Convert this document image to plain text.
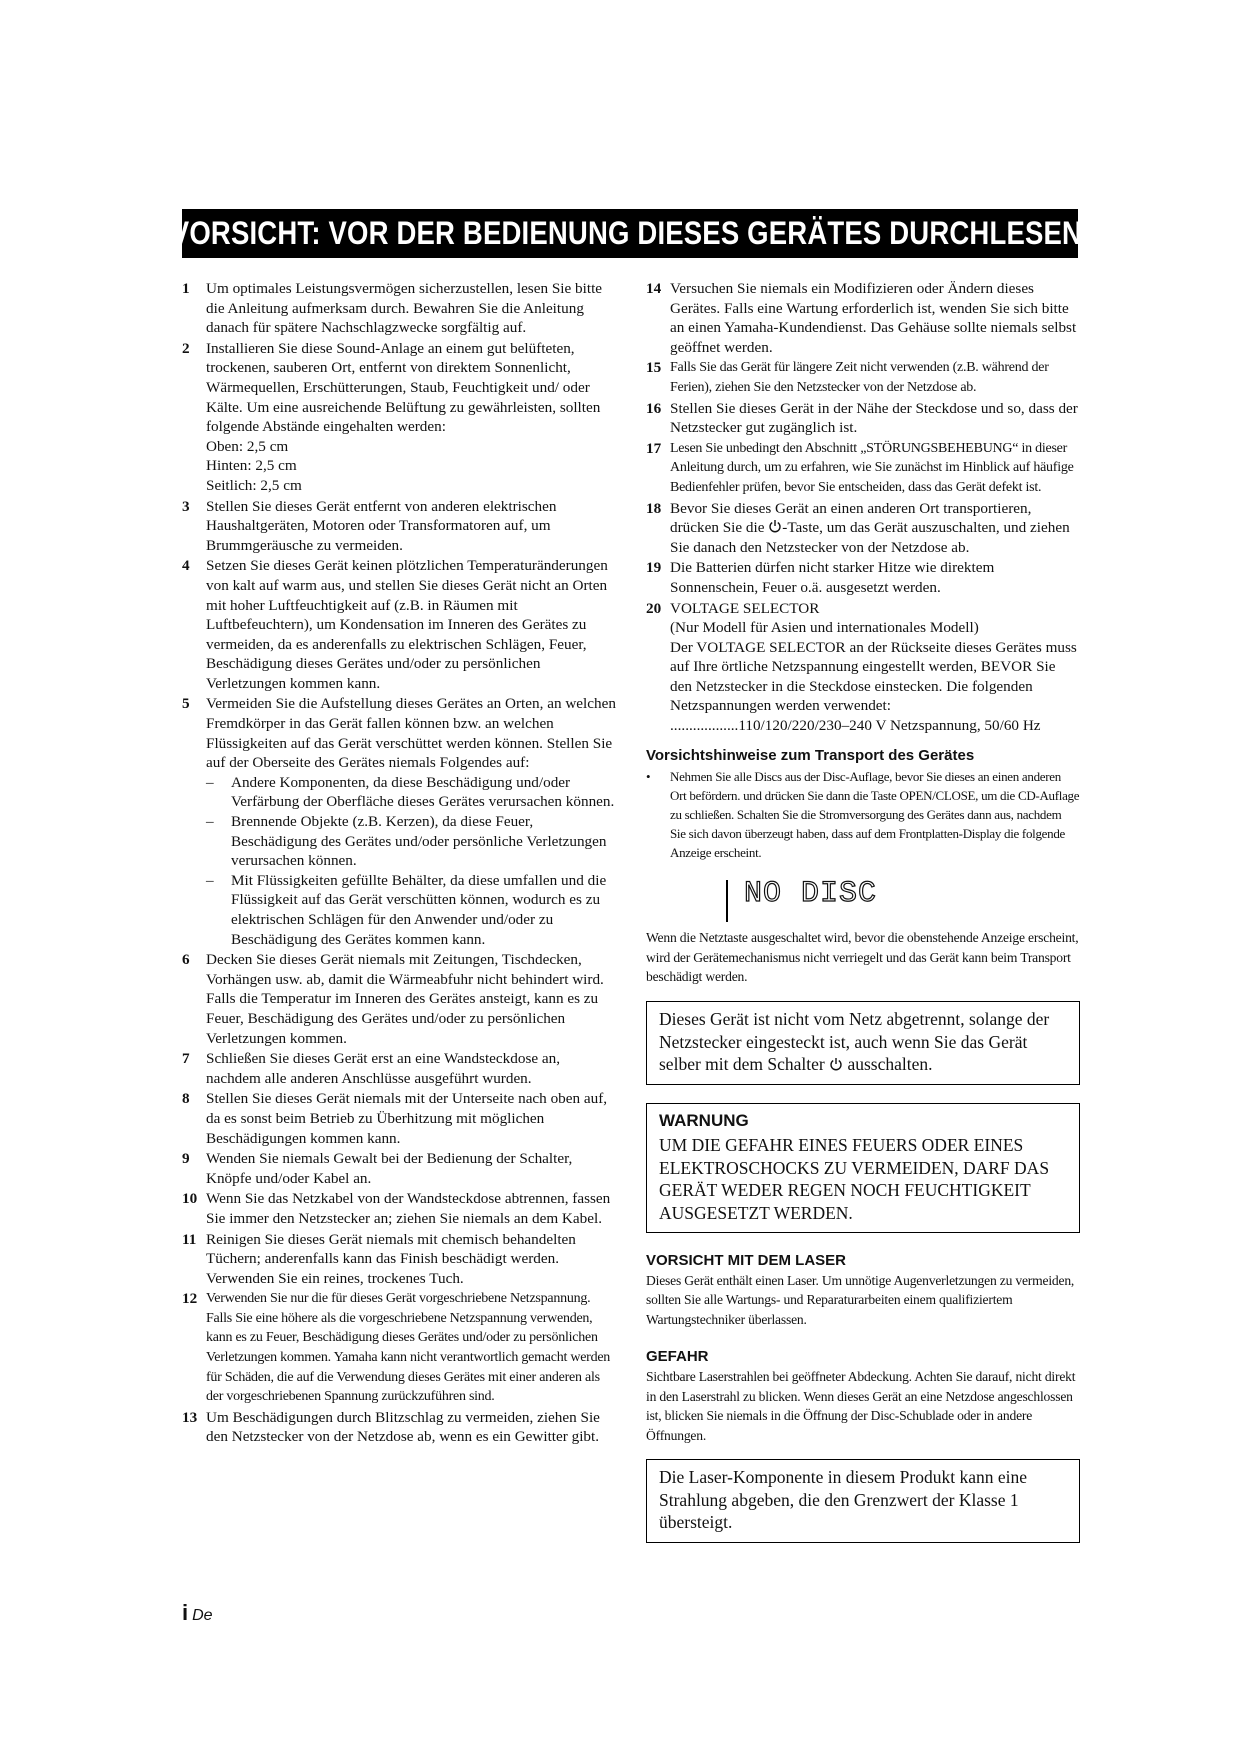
VORSICHT: VOR DER BEDIENUNG DIESES GERÄTES DURCHLESEN.
1	Um optimales Leistungsvermögen sicherzustellen, lesen Sie bitte die Anleitung aufmerksam durch. Bewahren Sie die Anleitung danach für spätere Nachschlagzwecke sorgfältig auf.
2	Installieren Sie diese Sound-Anlage an einem gut belüfteten, trockenen, sauberen Ort, entfernt von direktem Sonnenlicht, Wärmequellen, Erschütterungen, Staub, Feuchtigkeit und/ oder Kälte. Um eine ausreichende Belüftung zu gewährleisten, sollten folgende Abstände eingehalten werden:
Oben: 2,5 cm
Hinten: 2,5 cm
Seitlich: 2,5 cm
3	Stellen Sie dieses Gerät entfernt von anderen elektrischen Haushaltgeräten, Motoren oder Transformatoren auf, um Brummgeräusche zu vermeiden.
4	Setzen Sie dieses Gerät keinen plötzlichen Temperaturänderungen von kalt auf warm aus, und stellen Sie dieses Gerät nicht an Orten mit hoher Luftfeuchtigkeit auf (z.B. in Räumen mit Luftbefeuchtern), um Kondensation im Inneren des Gerätes zu vermeiden, da es anderenfalls zu elektrischen Schlägen, Feuer, Beschädigung dieses Gerätes und/oder zu persönlichen Verletzungen kommen kann.
5	Vermeiden Sie die Aufstellung dieses Gerätes an Orten, an welchen Fremdkörper in das Gerät fallen können bzw. an welchen Flüssigkeiten auf das Gerät verschüttet werden können. Stellen Sie auf der Oberseite des Gerätes niemals Folgendes auf:
–	Andere Komponenten, da diese Beschädigung und/oder Verfärbung der Oberfläche dieses Gerätes verursachen können.
–	Brennende Objekte (z.B. Kerzen), da diese Feuer, Beschädigung des Gerätes und/oder persönliche Verletzungen verursachen können.
–	Mit Flüssigkeiten gefüllte Behälter, da diese umfallen und die Flüssigkeit auf das Gerät verschütten können, wodurch es zu elektrischen Schlägen für den Anwender und/oder zu Beschädigung des Gerätes kommen kann.
6	Decken Sie dieses Gerät niemals mit Zeitungen, Tischdecken, Vorhängen usw. ab, damit die Wärmeabfuhr nicht behindert wird. Falls die Temperatur im Inneren des Gerätes ansteigt, kann es zu Feuer, Beschädigung des Gerätes und/oder zu persönlichen Verletzungen kommen.
7	Schließen Sie dieses Gerät erst an eine Wandsteckdose an, nachdem alle anderen Anschlüsse ausgeführt wurden.
8	Stellen Sie dieses Gerät niemals mit der Unterseite nach oben auf, da es sonst beim Betrieb zu Überhitzung mit möglichen Beschädigungen kommen kann.
9	Wenden Sie niemals Gewalt bei der Bedienung der Schalter, Knöpfe und/oder Kabel an.
10 Wenn Sie das Netzkabel von der Wandsteckdose abtrennen, fassen Sie immer den Netzstecker an; ziehen Sie niemals an dem Kabel.
11 Reinigen Sie dieses Gerät niemals mit chemisch behandelten Tüchern; anderenfalls kann das Finish beschädigt werden. Verwenden Sie ein reines, trockenes Tuch.
12 Verwenden Sie nur die für dieses Gerät vorgeschriebene Netzspannung. Falls Sie eine höhere als die vorgeschriebene Netzspannung verwenden, kann es zu Feuer, Beschädigung dieses Gerätes und/oder zu persönlichen Verletzungen kommen. Yamaha kann nicht verantwortlich gemacht werden für Schäden, die auf die Verwendung dieses Gerätes mit einer anderen als der vorgeschriebenen Spannung zurückzuführen sind.
13 Um Beschädigungen durch Blitzschlag zu vermeiden, ziehen Sie den Netzstecker von der Netzdose ab, wenn es ein Gewitter gibt.
14 Versuchen Sie niemals ein Modifizieren oder Ändern dieses Gerätes. Falls eine Wartung erforderlich ist, wenden Sie sich bitte an einen Yamaha-Kundendienst. Das Gehäuse sollte niemals selbst geöffnet werden.
15 Falls Sie das Gerät für längere Zeit nicht verwenden (z.B. während der Ferien), ziehen Sie den Netzstecker von der Netzdose ab.
16 Stellen Sie dieses Gerät in der Nähe der Steckdose und so, dass der Netzstecker gut zugänglich ist.
17 Lesen Sie unbedingt den Abschnitt „STÖRUNGSBEHEBUNG“ in dieser Anleitung durch, um zu erfahren, wie Sie zunächst im Hinblick auf häufige Bedienfehler prüfen, bevor Sie entscheiden, dass das Gerät defekt ist.
18 Bevor Sie dieses Gerät an einen anderen Ort transportieren, drücken Sie die -Taste, um das Gerät auszuschalten, und ziehen Sie danach den Netzstecker von der Netzdose ab.
19 Die Batterien dürfen nicht starker Hitze wie direktem Sonnenschein, Feuer o.ä. ausgesetzt werden.
20 VOLTAGE SELECTOR
(Nur Modell für Asien und internationales Modell)
Der VOLTAGE SELECTOR an der Rückseite dieses Gerätes muss auf Ihre örtliche Netzspannung eingestellt werden, BEVOR Sie den Netzstecker in die Steckdose einstecken. Die folgenden Netzspannungen werden verwendet:
..................110/120/220/230–240 V Netzspannung, 50/60 Hz
Vorsichtshinweise zum Transport des Gerätes
•	Nehmen Sie alle Discs aus der Disc-Auflage, bevor Sie dieses an einen anderen Ort befördern. und drücken Sie dann die Taste OPEN/CLOSE, um die CD-Auflage zu schließen. Schalten Sie die Stromversorgung des Gerätes dann aus, nachdem Sie sich davon überzeugt haben, dass auf dem Frontplatten-Display die folgende Anzeige erscheint.
NO DISC
Wenn die Netztaste ausgeschaltet wird, bevor die obenstehende Anzeige erscheint, wird der Gerätemechanismus nicht verriegelt und das Gerät kann beim Transport beschädigt werden.
Dieses Gerät ist nicht vom Netz abgetrennt, solange der Netzstecker eingesteckt ist, auch wenn Sie das Gerät selber mit dem Schalter  ausschalten.
WARNUNG
UM DIE GEFAHR EINES FEUERS ODER EINES ELEKTROSCHOCKS ZU VERMEIDEN, DARF DAS GERÄT WEDER REGEN NOCH FEUCHTIGKEIT AUSGESETZT WERDEN.
VORSICHT MIT DEM LASER
Dieses Gerät enthält einen Laser. Um unnötige Augenverletzungen zu vermeiden, sollten Sie alle Wartungs- und Reparaturarbeiten einem qualifiziertem Wartungstechniker überlassen.
GEFAHR
Sichtbare Laserstrahlen bei geöffneter Abdeckung. Achten Sie darauf, nicht direkt in den Laserstrahl zu blicken. Wenn dieses Gerät an eine Netzdose angeschlossen ist, blicken Sie niemals in die Öffnung der Disc-Schublade oder in andere Öffnungen.
Die Laser-Komponente in diesem Produkt kann eine Strahlung abgeben, die den Grenzwert der Klasse 1 übersteigt.
i De
